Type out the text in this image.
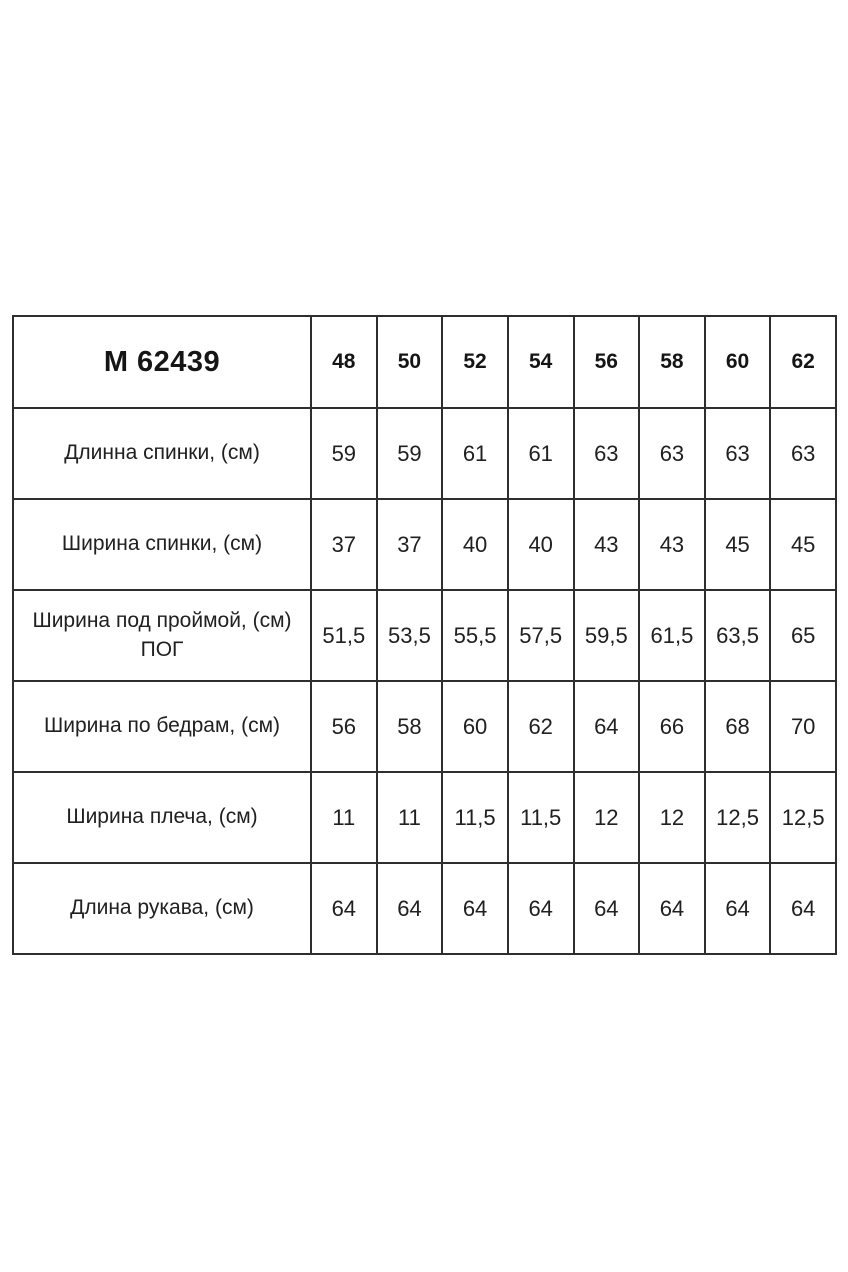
М 62439	48	50	52	54	56	58	60	62

Длинна спинки, (см)	59	59	61	61	63	63	63	63

Ширина спинки, (см)	37	37	40	40	43	43	45	45

Ширина под проймой, (см)
ПОГ	51,5	53,5	55,5	57,5	59,5	61,5	63,5	65

Ширина по бедрам, (см)	56	58	60	62	64	66	68	70

Ширина плеча, (см)	11	11	11,5	11,5	12	12	12,5	12,5

Длина рукава, (см)	64	64	64	64	64	64	64	64
